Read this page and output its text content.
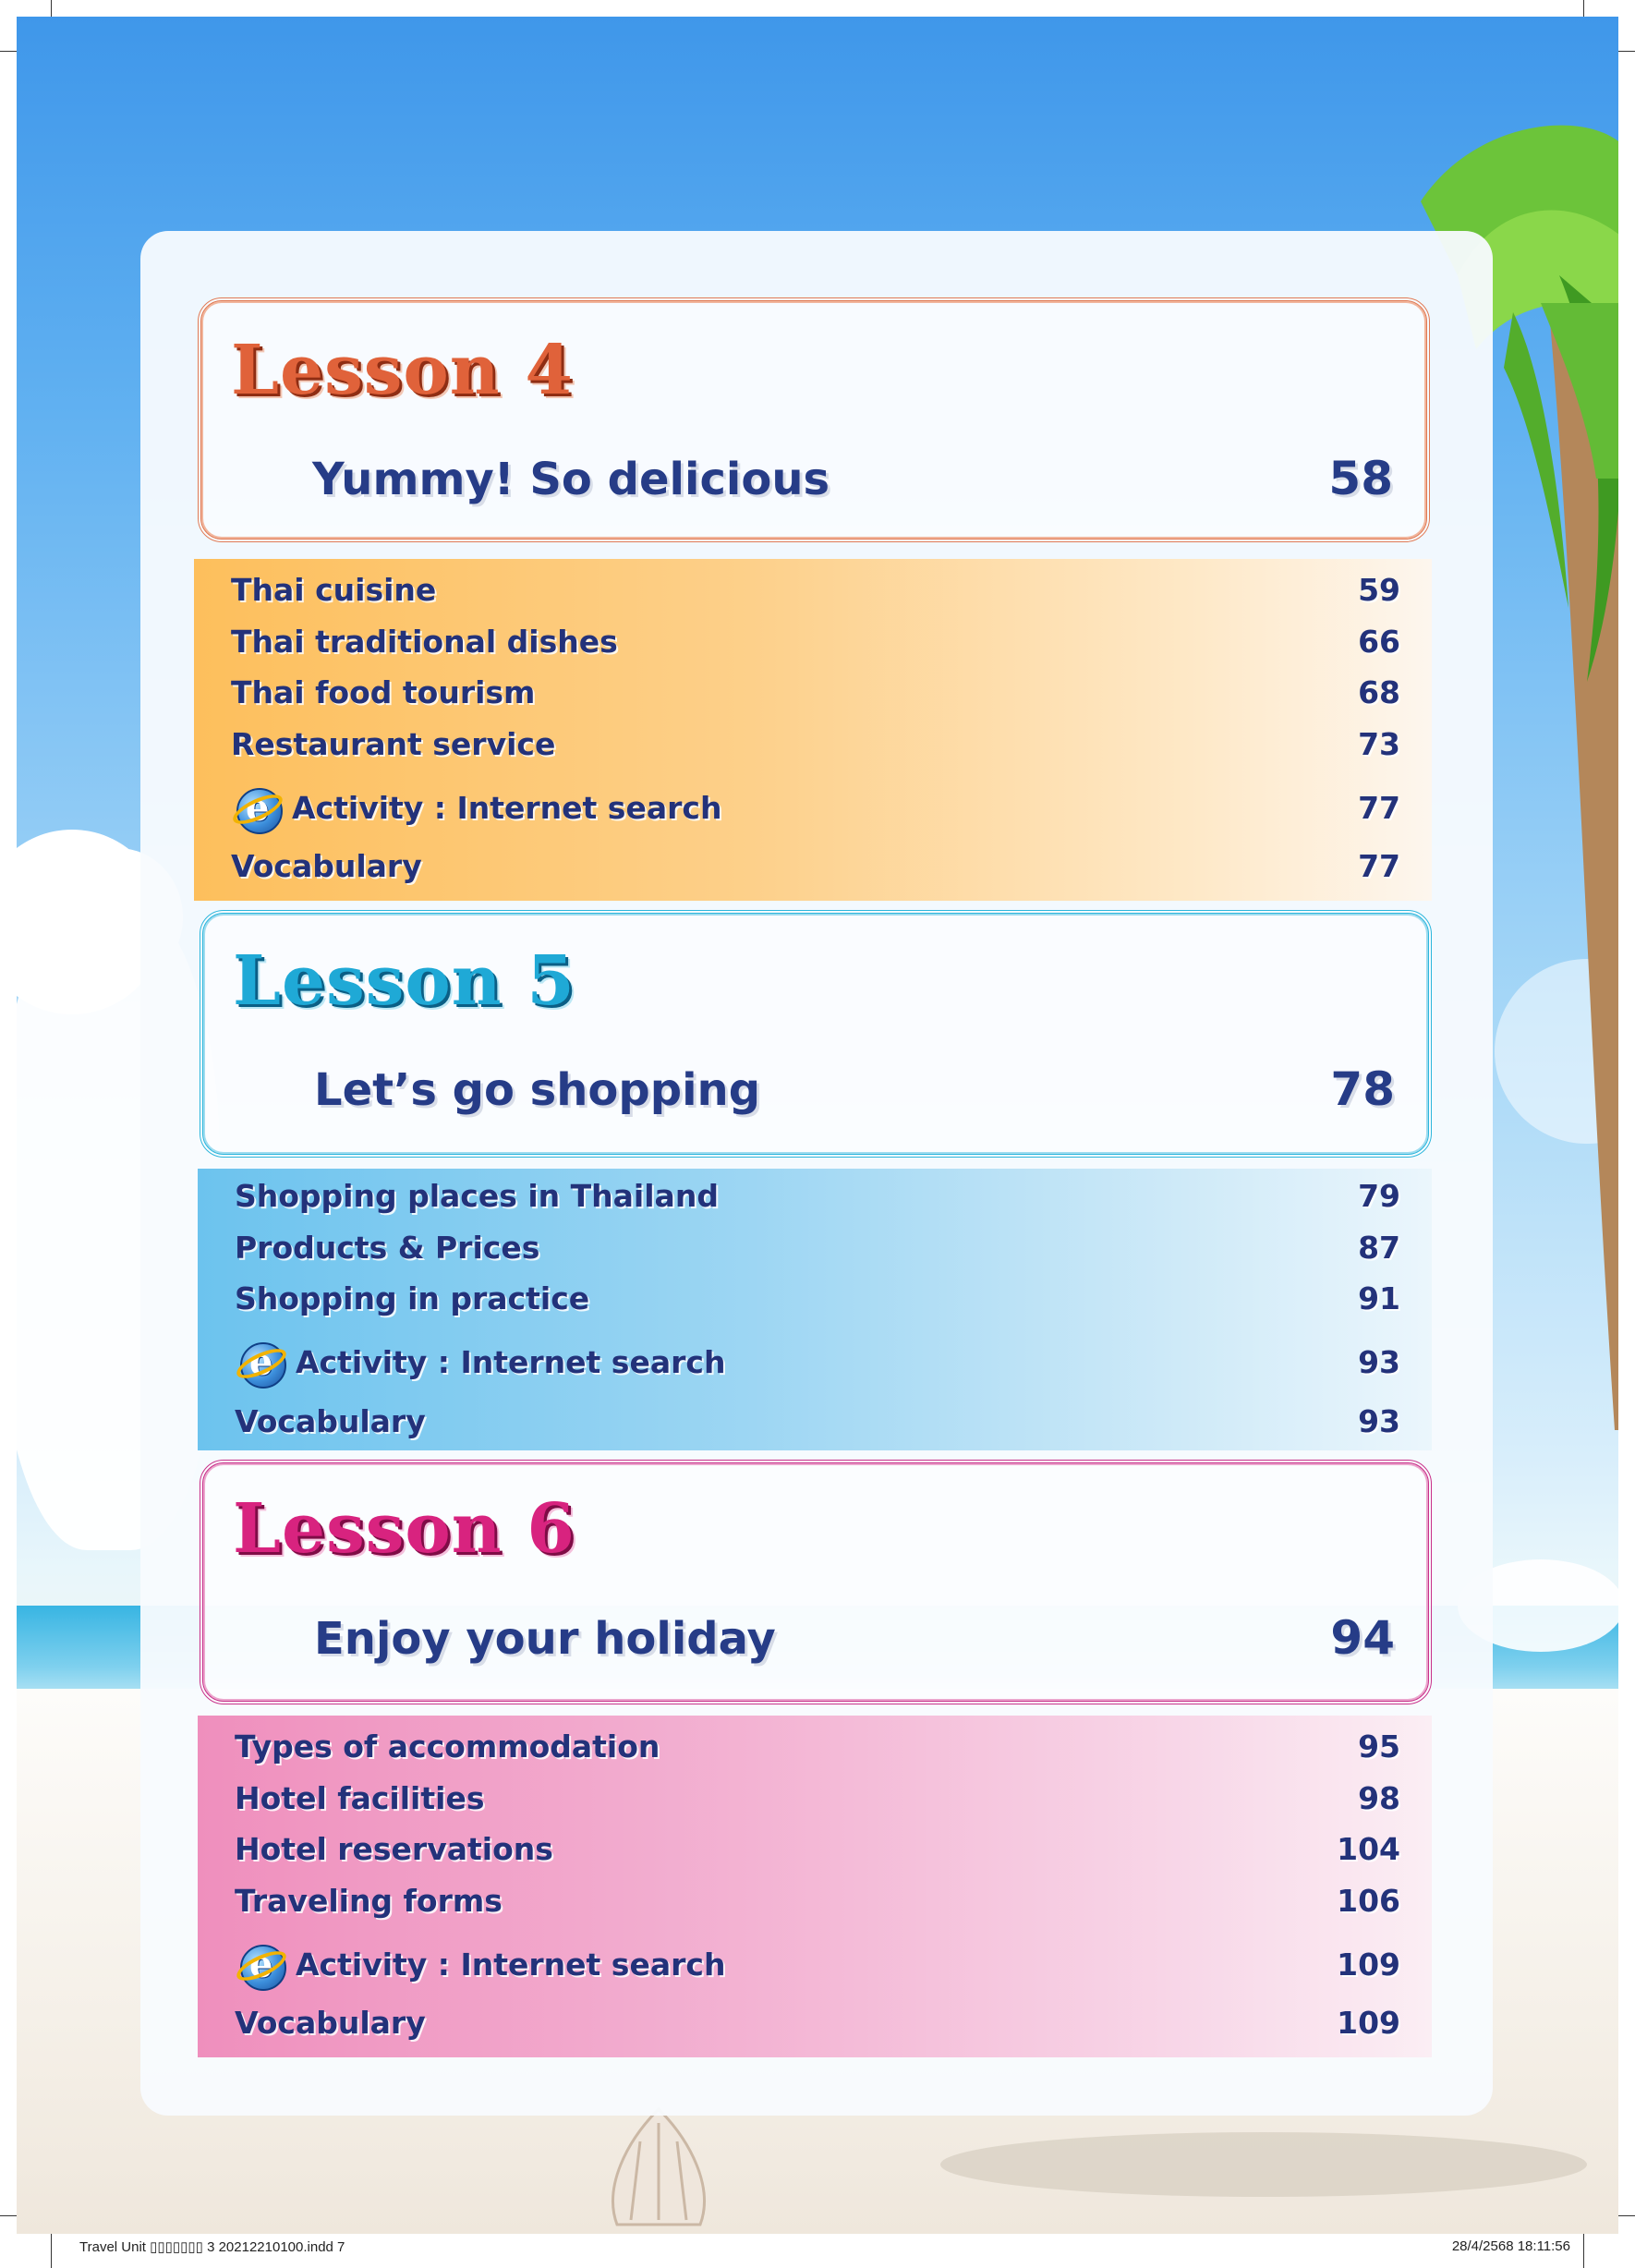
Lesson 4
Yummy! So delicious	58
Thai cuisine	59
Thai traditional dishes	66
Thai food tourism	68
Restaurant service	73
e Activity : Internet search	77
Vocabulary	77
Lesson 5
Let’s go shopping	78
Shopping places in Thailand	79
Products & Prices	87
Shopping in practice	91
e Activity : Internet search	93
Vocabulary	93
Lesson 6
Enjoy your holiday	94
Types of accommodation	95
Hotel facilities	98
Hotel reservations	104
Traveling forms	106
e Activity : Internet search	109
Vocabulary	109
Travel Unit ▯▯▯▯▯▯▯ 3 20212210100.indd 7	28/4/2568 18:11:56
